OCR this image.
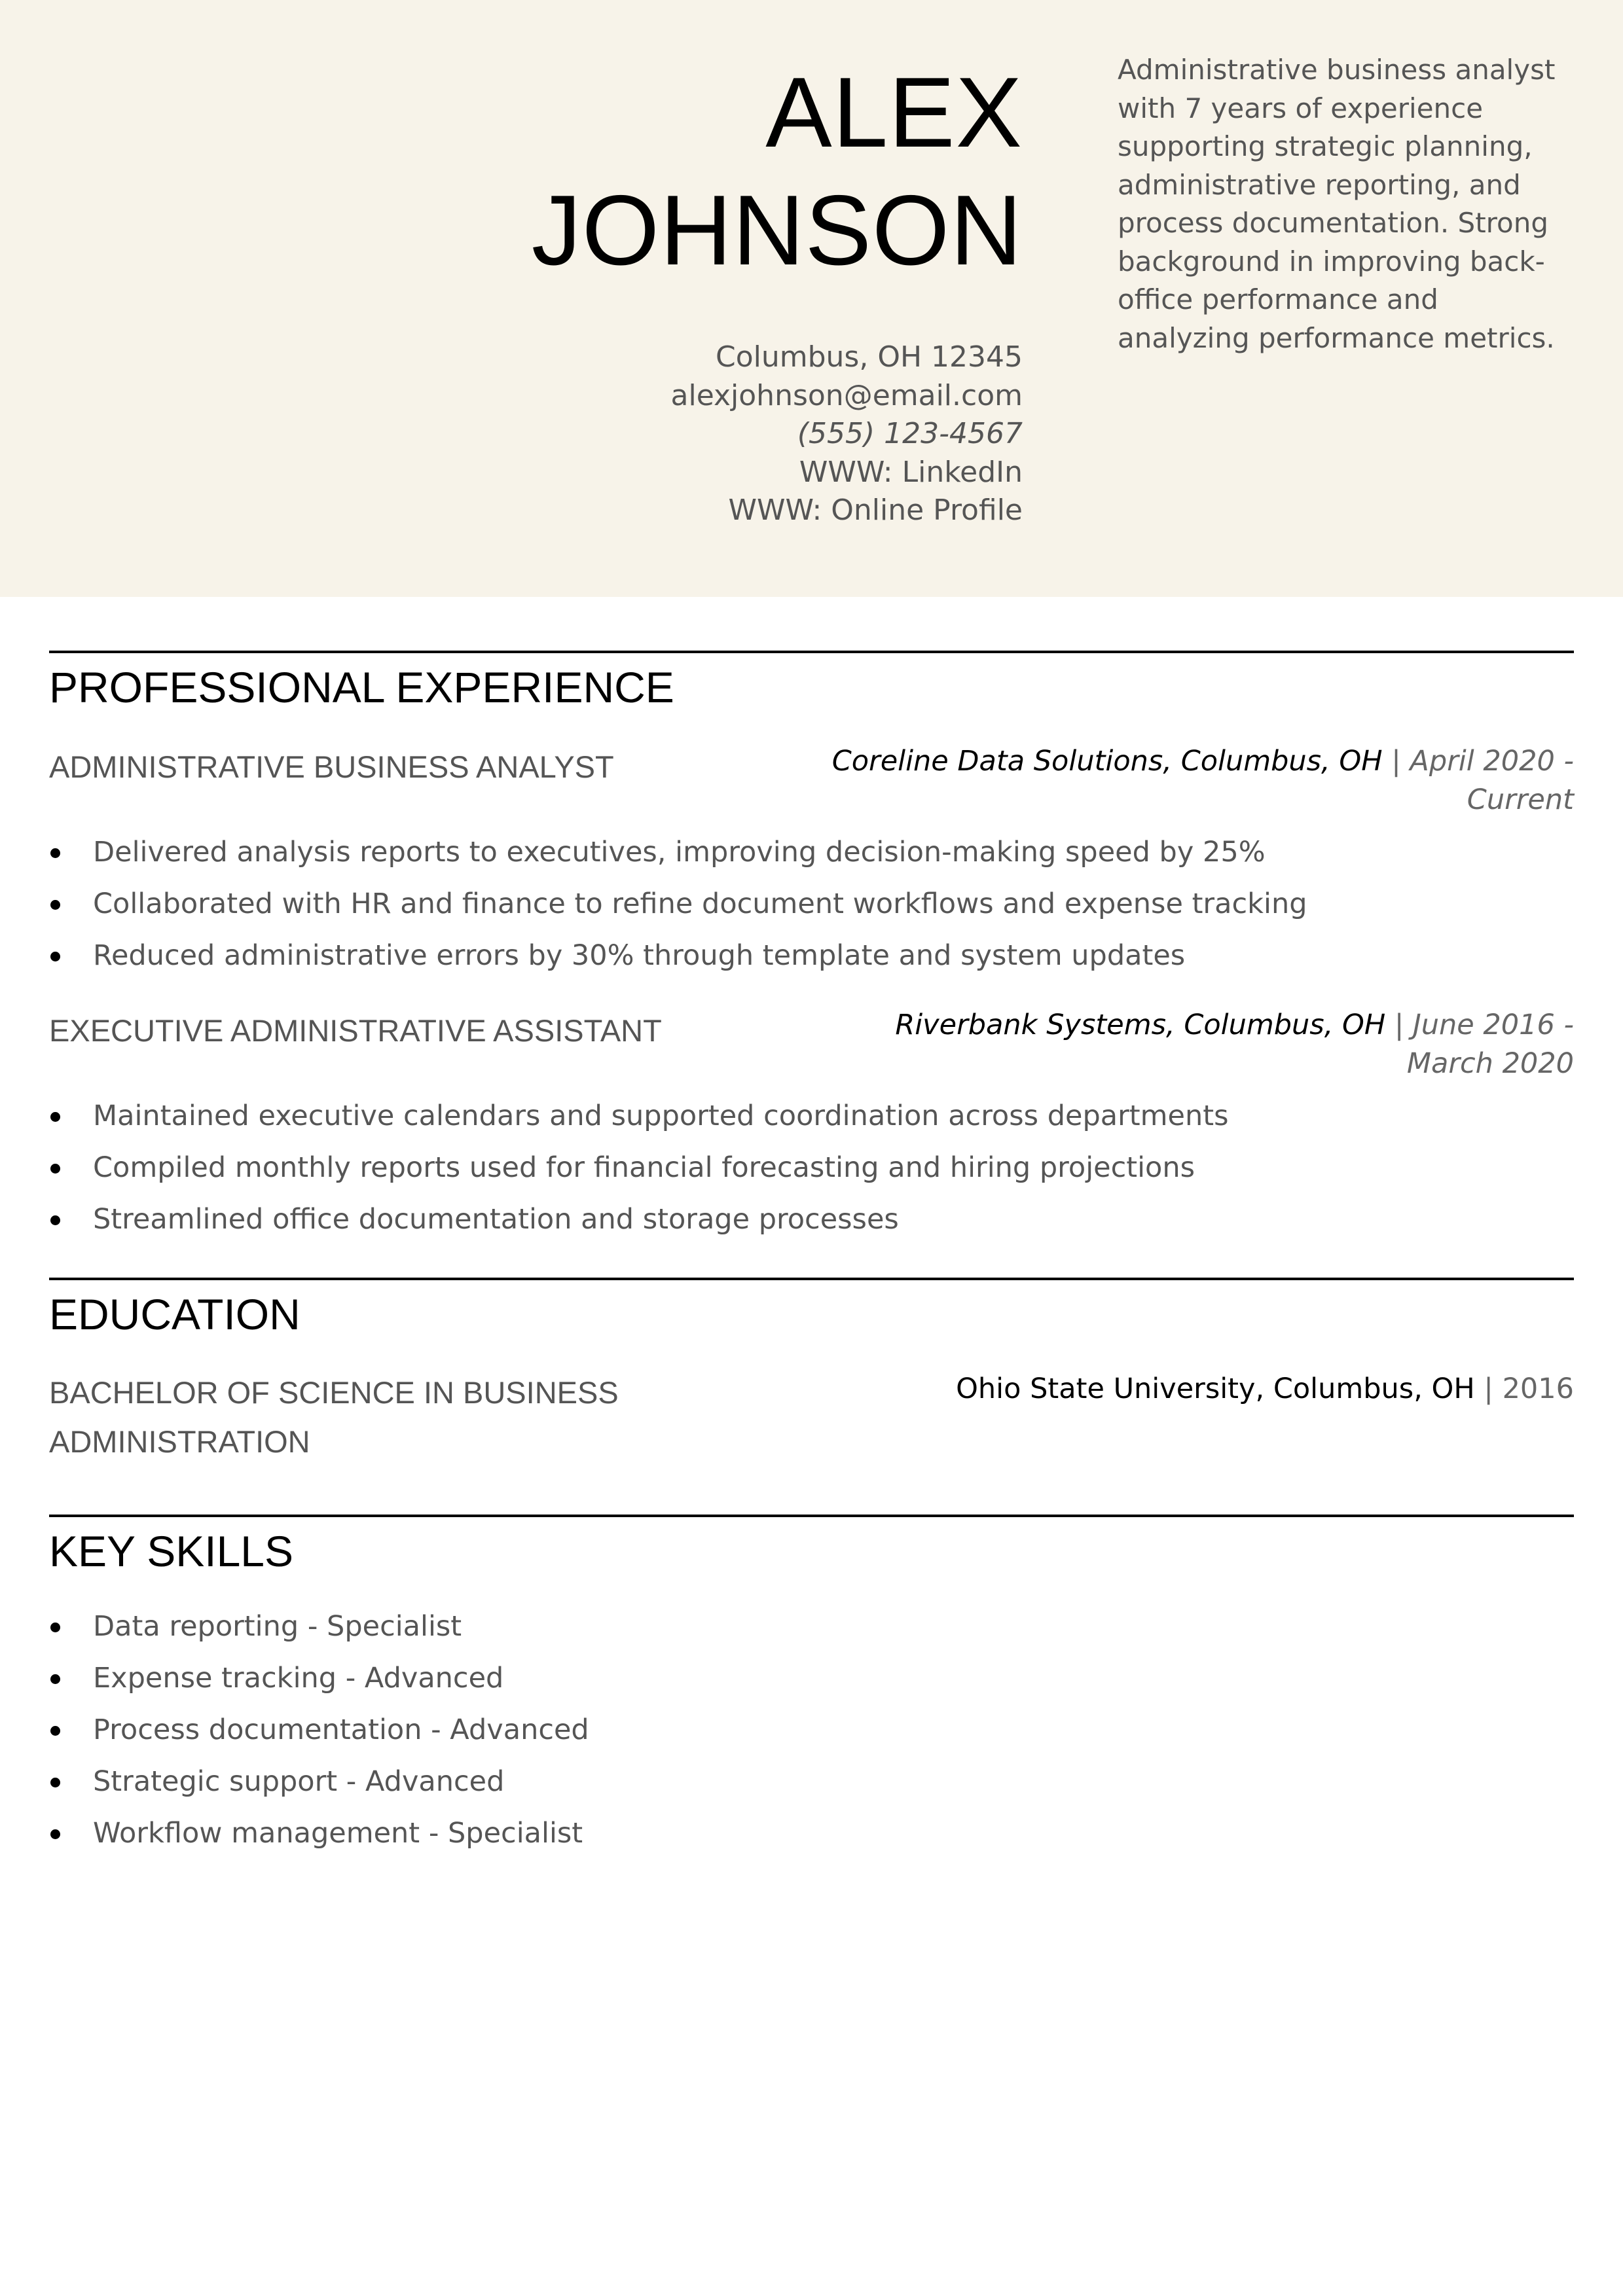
ALEX
JOHNSON
Columbus, OH 12345
alexjohnson@email.com
(555) 123-4567
WWW: LinkedIn
WWW: Online Profile
Administrative business analyst with 7 years of experience supporting strategic planning, administrative reporting, and process documentation. Strong background in improving back-office performance and analyzing performance metrics.
PROFESSIONAL EXPERIENCE
ADMINISTRATIVE BUSINESS ANALYST	Coreline Data Solutions, Columbus, OH | April 2020 - Current
Delivered analysis reports to executives, improving decision-making speed by 25%
Collaborated with HR and finance to refine document workflows and expense tracking
Reduced administrative errors by 30% through template and system updates
EXECUTIVE ADMINISTRATIVE ASSISTANT	Riverbank Systems, Columbus, OH | June 2016 - March 2020
Maintained executive calendars and supported coordination across departments
Compiled monthly reports used for financial forecasting and hiring projections
Streamlined office documentation and storage processes
EDUCATION
BACHELOR OF SCIENCE IN BUSINESS ADMINISTRATION
Ohio State University, Columbus, OH | 2016
KEY SKILLS
Data reporting - Specialist
Expense tracking - Advanced
Process documentation - Advanced
Strategic support - Advanced
Workflow management - Specialist
